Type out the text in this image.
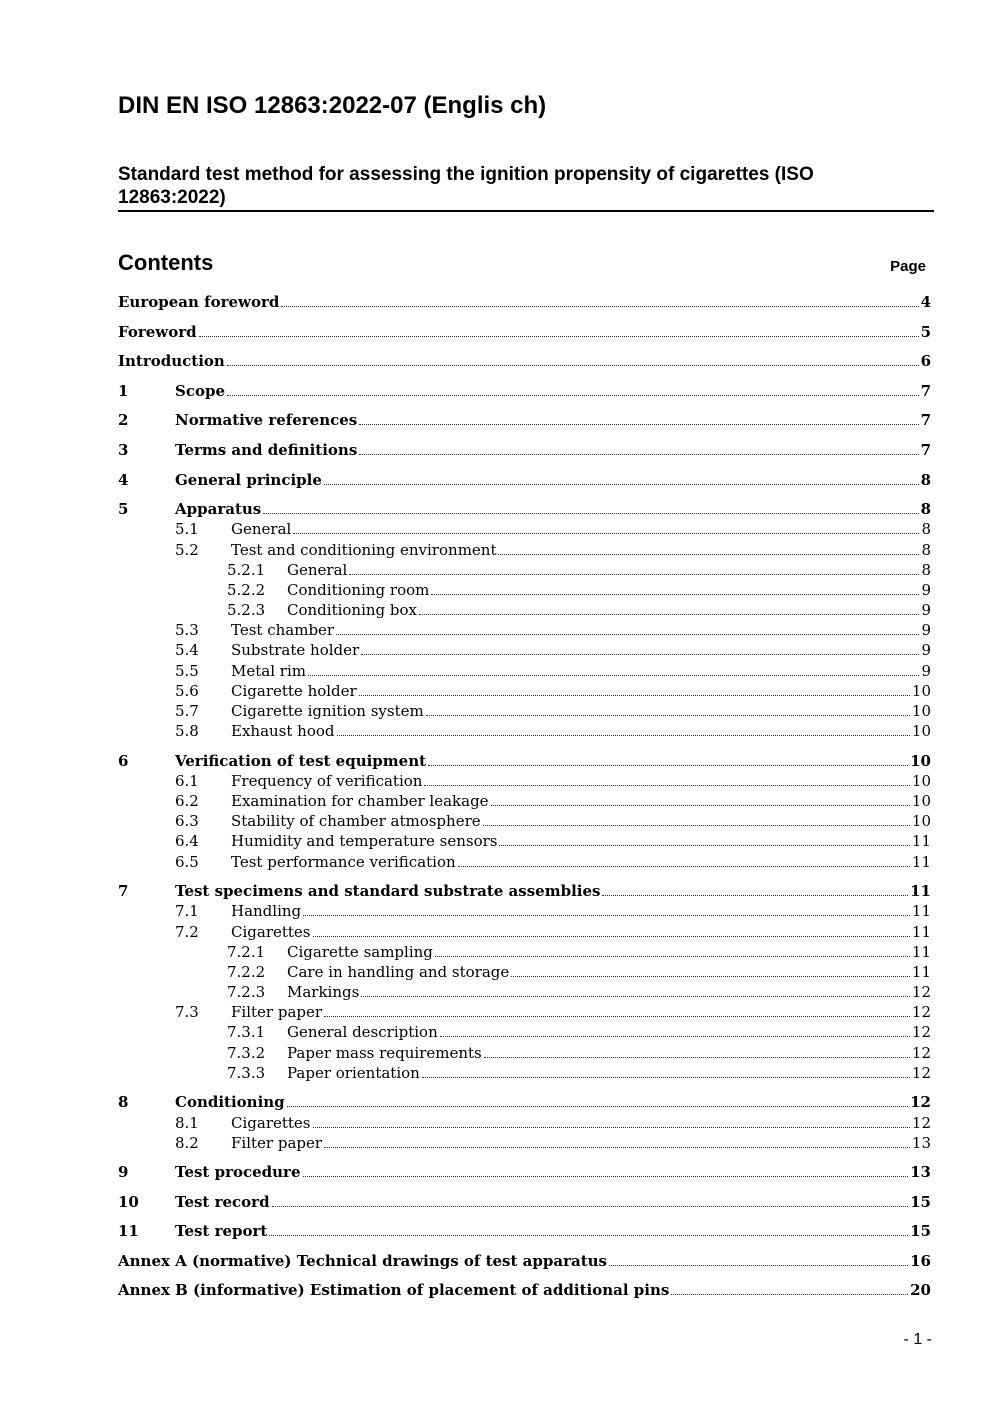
DIN EN ISO 12863:2022-07 (Englis ch)
Standard test method for assessing the ignition propensity of cigarettes (ISO 12863:2022)
Contents	Page
European foreword	4
Foreword	5
Introduction	6
1	Scope	7
2	Normative references	7
3	Terms and definitions	7
4	General principle	8
5	Apparatus	8
5.1	General	8
5.2	Test and conditioning environment	8
5.2.1	General	8
5.2.2	Conditioning room	9
5.2.3	Conditioning box	9
5.3	Test chamber	9
5.4	Substrate holder	9
5.5	Metal rim	9
5.6	Cigarette holder	10
5.7	Cigarette ignition system	10
5.8	Exhaust hood	10
6	Verification of test equipment	10
6.1	Frequency of verification	10
6.2	Examination for chamber leakage	10
6.3	Stability of chamber atmosphere	10
6.4	Humidity and temperature sensors	11
6.5	Test performance verification	11
7	Test specimens and standard substrate assemblies	11
7.1	Handling	11
7.2	Cigarettes	11
7.2.1	Cigarette sampling	11
7.2.2	Care in handling and storage	11
7.2.3	Markings	12
7.3	Filter paper	12
7.3.1	General description	12
7.3.2	Paper mass requirements	12
7.3.3	Paper orientation	12
8	Conditioning	12
8.1	Cigarettes	12
8.2	Filter paper	13
9	Test procedure	13
10	Test record	15
11	Test report	15
Annex A (normative) Technical drawings of test apparatus	16
Annex B (informative) Estimation of placement of additional pins	20
- 1 -
